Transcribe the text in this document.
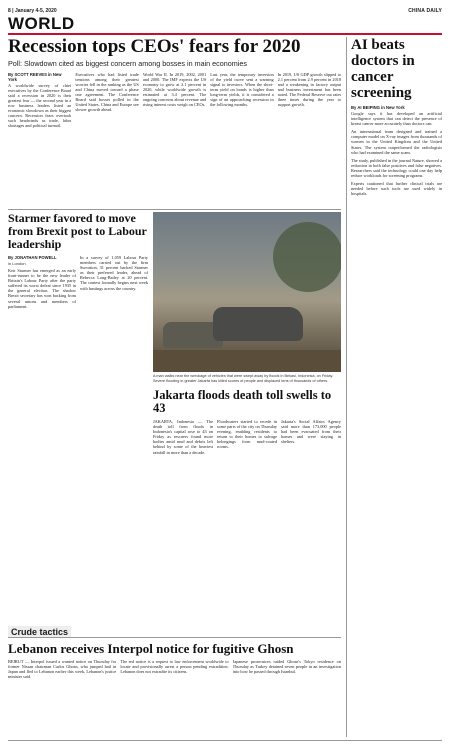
8 | January 4-5, 2020	CHINA DAILY
WORLD
Recession tops CEOs' fears for 2020
Poll: Slowdown cited as biggest concern among bosses in main economies
By SCOTT REEVES in New York

A worldwide survey of chief executives by the Conference Board said a recession in 2020 is their greatest fear — the second year in a row business leaders listed an economic slowdown as their biggest concern. Recession fears overtook such headwinds as trade, labor shortages and political turmoil.

Executives who had listed trade tensions among their greatest worries fell in the ranking as the US and China moved toward a phase one agreement. The Conference Board said bosses polled in the United States, China and Europe see slower growth ahead.

World War II. In 2019, 2002, 2001 and 2000. The IMF expects the US economy to grow at 2.1 percent in 2020, while worldwide growth is estimated at 3.4 percent. The ongoing concerns about revenue and rising interest costs weigh on CEOs.

Last year, the temporary inversion of the yield curve sent a warning signal to investors. When the short-term yield on bonds is higher than long-term yields, it is considered a sign of an approaching recession in the following months.

In 2019, US GDP growth slipped to 2.1 percent from 2.9 percent in 2018 and a weakening in factory output and business investment has been noted. The Federal Reserve cut rates three times during the year to support growth.

Starmer favored to move from Brexit post to Labour leadership
By JONATHAN POWELL
in London

Keir Starmer has emerged as an early front-runner to be the new leader of Britain's Labour Party after the party suffered its worst defeat since 1935 in the general election. The shadow Brexit secretary has won backing from several unions and members of parliament.

In a survey of 1,059 Labour Party members carried out by the firm Survation, 31 percent backed Starmer as their preferred leader, ahead of Rebecca Long-Bailey at 20 percent. The contest formally begins next week with hustings across the country.

A man walks near the wreckage of vehicles that were swept away by floods in Bekasi, Indonesia, on Friday. Severe flooding in greater Jakarta has killed scores of people and displaced tens of thousands of others.
Jakarta floods death toll swells to 43

JAKARTA, Indonesia — The death toll from floods in Indonesia's capital rose to 43 on Friday as rescuers found more bodies amid mud and debris left behind by some of the heaviest rainfall in more than a decade.

Floodwaters started to recede in some parts of the city on Thursday evening, enabling residents to return to their homes to salvage belongings from mud-coated rooms.

Jakarta's Social Affairs Agency said more than 173,000 people had been evacuated from their homes and were staying in shelters.

Crude tactics
Lebanon receives Interpol notice for fugitive Ghosn

BEIRUT — Interpol issued a wanted notice on Thursday for former Nissan chairman Carlos Ghosn, who jumped bail in Japan and fled to Lebanon earlier this week, Lebanon's justice minister said.

The red notice is a request to law enforcement worldwide to locate and provisionally arrest a person pending extradition. Lebanon does not extradite its citizens.

Japanese prosecutors raided Ghosn's Tokyo residence on Thursday as Turkey detained seven people in an investigation into how he passed through Istanbul.

AI beats doctors in cancer screening
By AI BEIPING in New York

Google says it has developed an artificial intelligence system that can detect the presence of breast cancer more accurately than doctors can.

An international team designed and trained a computer model on X-ray images from thousands of women in the United Kingdom and the United States. The system outperformed the radiologists who had examined the same scans.

The study, published in the journal Nature, showed a reduction in both false positives and false negatives. Researchers said the technology could one day help reduce workloads for screening programs.

Experts cautioned that further clinical trials are needed before such tools are used widely in hospitals.
